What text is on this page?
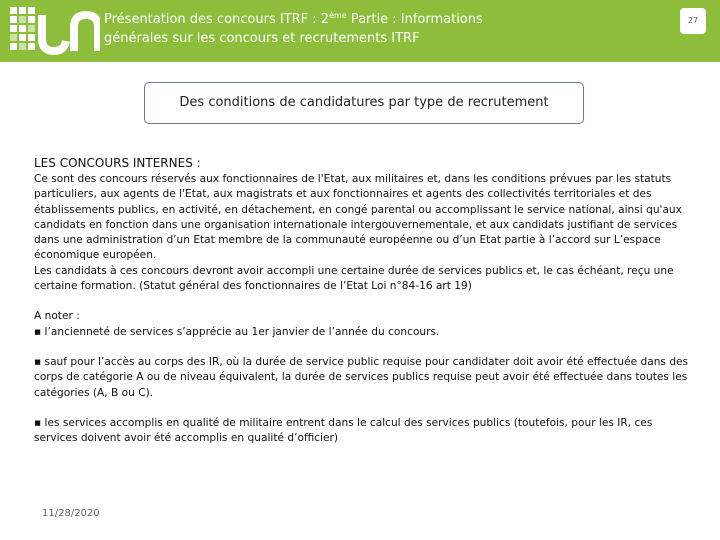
Présentation des concours ITRF : 2ème Partie : Informations
générales sur les concours et recrutements ITRF
27
Des conditions de candidatures par type de recrutement

LES CONCOURS INTERNES :

Ce sont des concours réservés aux fonctionnaires de l'Etat, aux militaires et, dans les conditions prévues par les statuts particuliers, aux agents de l'Etat, aux magistrats et aux fonctionnaires et agents des collectivités territoriales et des établissements publics, en activité, en détachement, en congé parental ou accomplissant le service national, ainsi qu'aux candidats en fonction dans une organisation internationale intergouvernementale, et aux candidats justifiant de services dans une administration d’un Etat membre de la communauté européenne ou d’un Etat partie à l’accord sur L’espace économique européen.

Les candidats à ces concours devront avoir accompli une certaine durée de services publics et, le cas échéant, reçu une certaine formation. (Statut général des fonctionnaires de l’Etat Loi n°84-16 art 19)

A noter :

▪ l’ancienneté de services s’apprécie au 1er janvier de l’année du concours.

▪ sauf pour l’accès au corps des IR, où la durée de service public requise pour candidater doit avoir été effectuée dans des corps de catégorie A ou de niveau équivalent, la durée de services publics requise peut avoir été effectuée dans toutes les catégories (A, B ou C).

▪ les services accomplis en qualité de militaire entrent dans le calcul des services publics (toutefois, pour les IR, ces services doivent avoir été accomplis en qualité d’officier)

11/28/2020
